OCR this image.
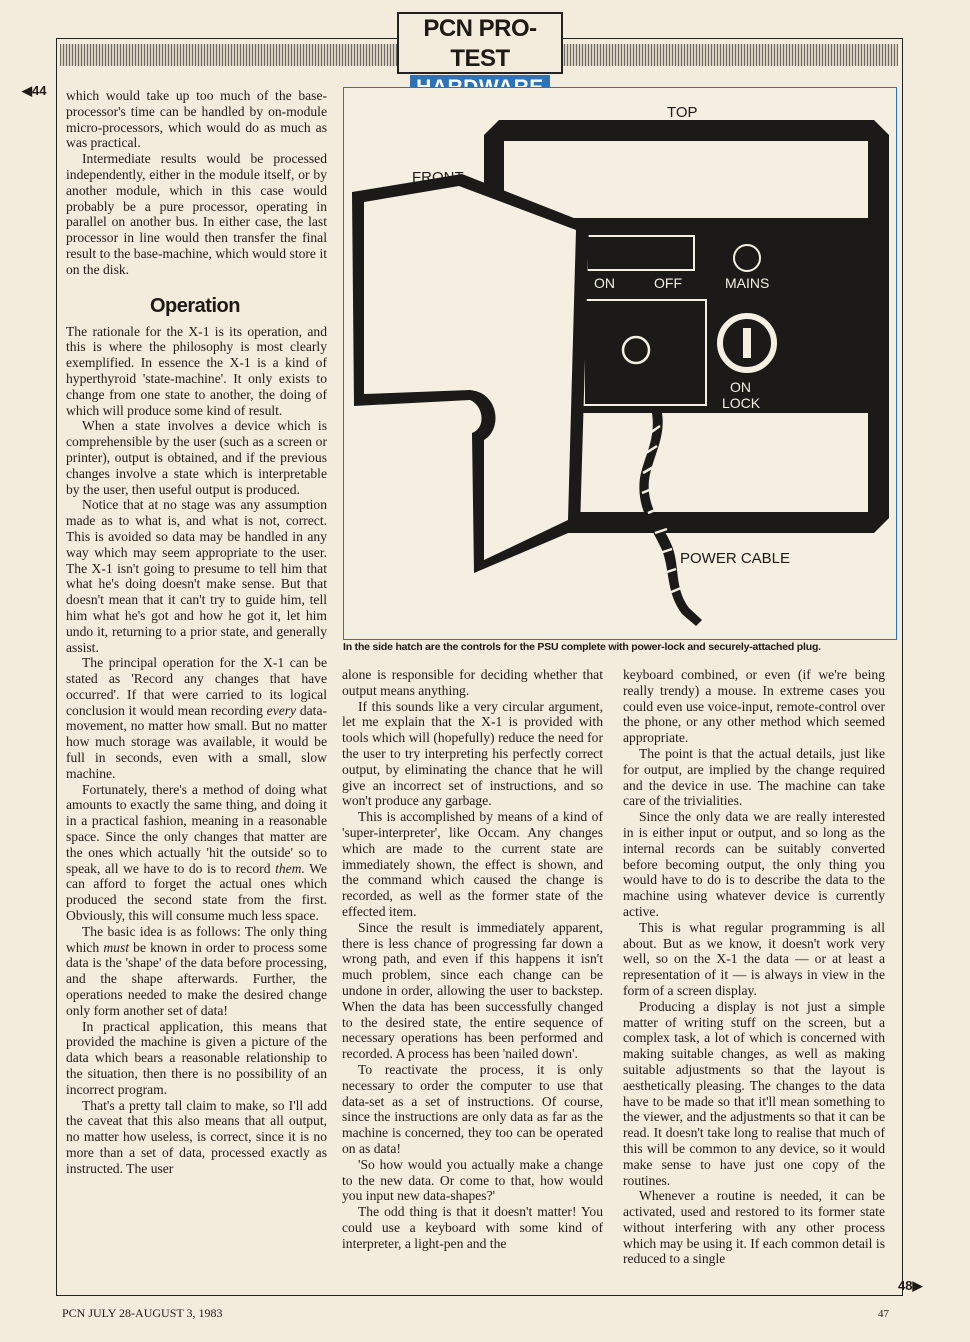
PCN PRO-TEST
◀44
48▶

which would take up too much of the base-processor's time can be handled by on-module micro-processors, which would do as much as was practical.

Intermediate results would be processed independently, either in the module itself, or by another module, which in this case would probably be a pure processor, operating in parallel on another bus. In either case, the last processor in line would then transfer the final result to the base-machine, which would store it on the disk.

Operation

The rationale for the X-1 is its operation, and this is where the philosophy is most clearly exemplified. In essence the X-1 is a kind of hyperthyroid 'state-machine'. It only exists to change from one state to another, the doing of which will produce some kind of result.

When a state involves a device which is comprehensible by the user (such as a screen or printer), output is obtained, and if the previous changes involve a state which is interpretable by the user, then useful output is produced.

Notice that at no stage was any assumption made as to what is, and what is not, correct. This is avoided so data may be handled in any way which may seem appropriate to the user. The X-1 isn't going to presume to tell him that what he's doing doesn't make sense. But that doesn't mean that it can't try to guide him, tell him what he's got and how he got it, let him undo it, returning to a prior state, and generally assist.

The principal operation for the X-1 can be stated as 'Record any changes that have occurred'. If that were carried to its logical conclusion it would mean recording every data-movement, no matter how small. But no matter how much storage was available, it would be full in seconds, even with a small, slow machine.

Fortunately, there's a method of doing what amounts to exactly the same thing, and doing it in a practical fashion, meaning in a reasonable space. Since the only changes that matter are the ones which actually 'hit the outside' so to speak, all we have to do is to record them. We can afford to forget the actual ones which produced the second state from the first. Obviously, this will consume much less space.

The basic idea is as follows: The only thing which must be known in order to process some data is the 'shape' of the data before processing, and the shape afterwards. Further, the operations needed to make the desired change only form another set of data!

In practical application, this means that provided the machine is given a picture of the data which bears a reasonable relationship to the situation, then there is no possibility of an incorrect program.

That's a pretty tall claim to make, so I'll add the caveat that this also means that all output, no matter how useless, is correct, since it is no more than a set of data, processed exactly as instructed. The user

TOP
FRONT
ON	OFF	MAINS
ON
LOCK
POWER CABLE
In the side hatch are the controls for the PSU complete with power-lock and securely-attached plug.

alone is responsible for deciding whether that output means anything.

If this sounds like a very circular argument, let me explain that the X-1 is provided with tools which will (hopefully) reduce the need for the user to try interpreting his perfectly correct output, by eliminating the chance that he will give an incorrect set of instructions, and so won't produce any garbage.

This is accomplished by means of a kind of 'super-interpreter', like Occam. Any changes which are made to the current state are immediately shown, the effect is shown, and the command which caused the change is recorded, as well as the former state of the effected item.

Since the result is immediately apparent, there is less chance of progressing far down a wrong path, and even if this happens it isn't much problem, since each change can be undone in order, allowing the user to backstep. When the data has been successfully changed to the desired state, the entire sequence of necessary operations has been performed and recorded. A process has been 'nailed down'.

To reactivate the process, it is only necessary to order the computer to use that data-set as a set of instructions. Of course, since the instructions are only data as far as the machine is concerned, they too can be operated on as data!

'So how would you actually make a change to the new data. Or come to that, how would you input new data-shapes?'

The odd thing is that it doesn't matter! You could use a keyboard with some kind of interpreter, a light-pen and the

keyboard combined, or even (if we're being really trendy) a mouse. In extreme cases you could even use voice-input, remote-control over the phone, or any other method which seemed appropriate.

The point is that the actual details, just like for output, are implied by the change required and the device in use. The machine can take care of the trivialities.

Since the only data we are really interested in is either input or output, and so long as the internal records can be suitably converted before becoming output, the only thing you would have to do is to describe the data to the machine using whatever device is currently active.

This is what regular programming is all about. But as we know, it doesn't work very well, so on the X-1 the data — or at least a representation of it — is always in view in the form of a screen display.

Producing a display is not just a simple matter of writing stuff on the screen, but a complex task, a lot of which is concerned with making suitable changes, as well as making suitable adjustments so that the layout is aesthetically pleasing. The changes to the data have to be made so that it'll mean something to the viewer, and the adjustments so that it can be read. It doesn't take long to realise that much of this will be common to any device, so it would make sense to have just one copy of the routines.

Whenever a routine is needed, it can be activated, used and restored to its former state without interfering with any other process which may be using it. If each common detail is reduced to a single

PCN JULY 28-AUGUST 3, 1983	47
